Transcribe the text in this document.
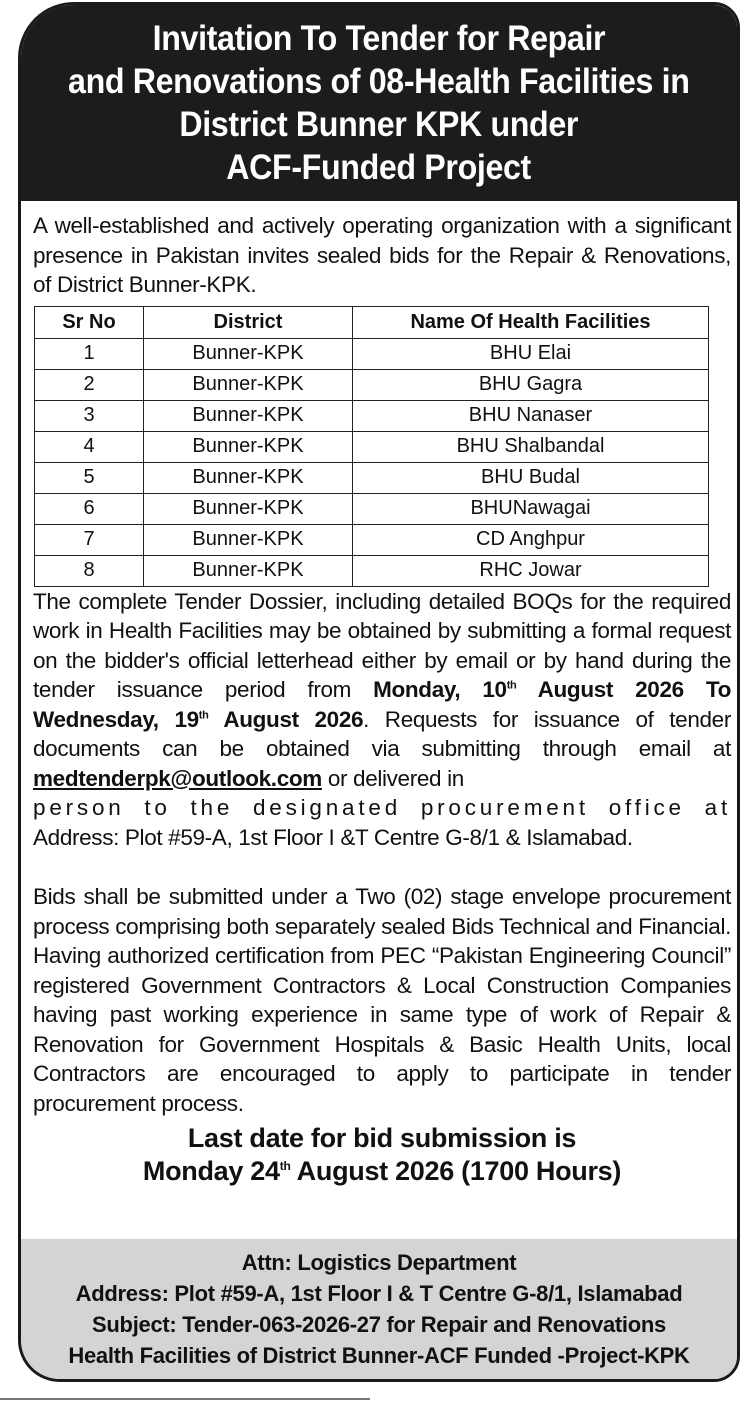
Invitation To Tender for Repair
and Renovations of 08-Health Facilities in
District Bunner KPK under
ACF-Funded Project
A well-established and actively operating organization with a significant presence in Pakistan invites sealed bids for the Repair & Renovations, of District Bunner-KPK.
Sr No	District	Name Of Health Facilities
1	Bunner-KPK	BHU Elai
2	Bunner-KPK	BHU Gagra
3	Bunner-KPK	BHU Nanaser
4	Bunner-KPK	BHU Shalbandal
5	Bunner-KPK	BHU Budal
6	Bunner-KPK	BHUNawagai
7	Bunner-KPK	CD Anghpur
8	Bunner-KPK	RHC Jowar
The complete Tender Dossier, including detailed BOQs for the required work in Health Facilities may be obtained by submitting a formal request on the bidder's official letterhead either by email or by hand during the tender issuance period from Monday, 10th August 2026 To Wednesday, 19th August 2026. Requests for issuance of tender documents can be obtained via submitting through email at medtenderpk@outlook.com or delivered in
person to the designated procurement office at
Address: Plot #59-A, 1st Floor I &T Centre G-8/1 & Islamabad.
Bids shall be submitted under a Two (02) stage envelope procurement process comprising both separately sealed Bids Technical and Financial. Having authorized certification from PEC “Pakistan Engineering Council” registered Government Contractors & Local Construction Companies having past working experience in same type of work of Repair & Renovation for Government Hospitals & Basic Health Units, local Contractors are encouraged to apply to participate in tender procurement process.
Last date for bid submission is
Monday 24th August 2026 (1700 Hours)
Attn: Logistics Department
Address: Plot #59-A, 1st Floor I & T Centre G-8/1, Islamabad
Subject: Tender-063-2026-27 for Repair and Renovations
Health Facilities of District Bunner-ACF Funded -Project-KPK
